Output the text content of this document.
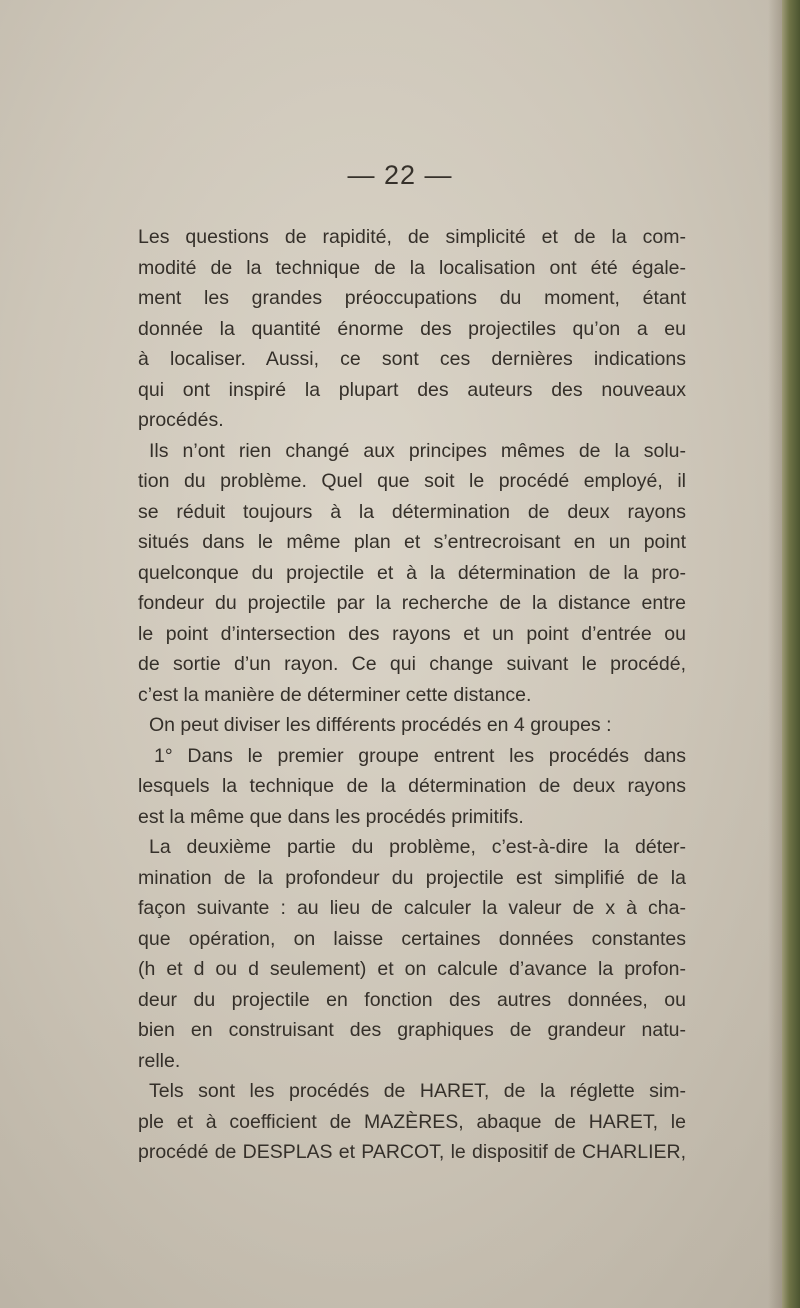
— 22 —
Les questions de rapidité, de simplicité et de la com-
modité de la technique de la localisation ont été égale-
ment les grandes préoccupations du moment, étant
donnée la quantité énorme des projectiles qu’on a eu
à localiser. Aussi, ce sont ces dernières indications
qui ont inspiré la plupart des auteurs des nouveaux
procédés.
Ils n’ont rien changé aux principes mêmes de la solu-
tion du problème. Quel que soit le procédé employé, il
se réduit toujours à la détermination de deux rayons
situés dans le même plan et s’entrecroisant en un point
quelconque du projectile et à la détermination de la pro-
fondeur du projectile par la recherche de la distance entre
le point d’intersection des rayons et un point d’entrée ou
de sortie d’un rayon. Ce qui change suivant le procédé,
c’est la manière de déterminer cette distance.
On peut diviser les différents procédés en 4 groupes :
1° Dans le premier groupe entrent les procédés dans
lesquels la technique de la détermination de deux rayons
est la même que dans les procédés primitifs.
La deuxième partie du problème, c’est-à-dire la déter-
mination de la profondeur du projectile est simplifié de la
façon suivante : au lieu de calculer la valeur de x à cha-
que opération, on laisse certaines données constantes
(h et d ou d seulement) et on calcule d’avance la profon-
deur du projectile en fonction des autres données, ou
bien en construisant des graphiques de grandeur natu-
relle.
Tels sont les procédés de HARET, de la réglette sim-
ple et à coefficient de MAZÈRES, abaque de HARET, le
procédé de DESPLAS et PARCOT, le dispositif de CHARLIER,
